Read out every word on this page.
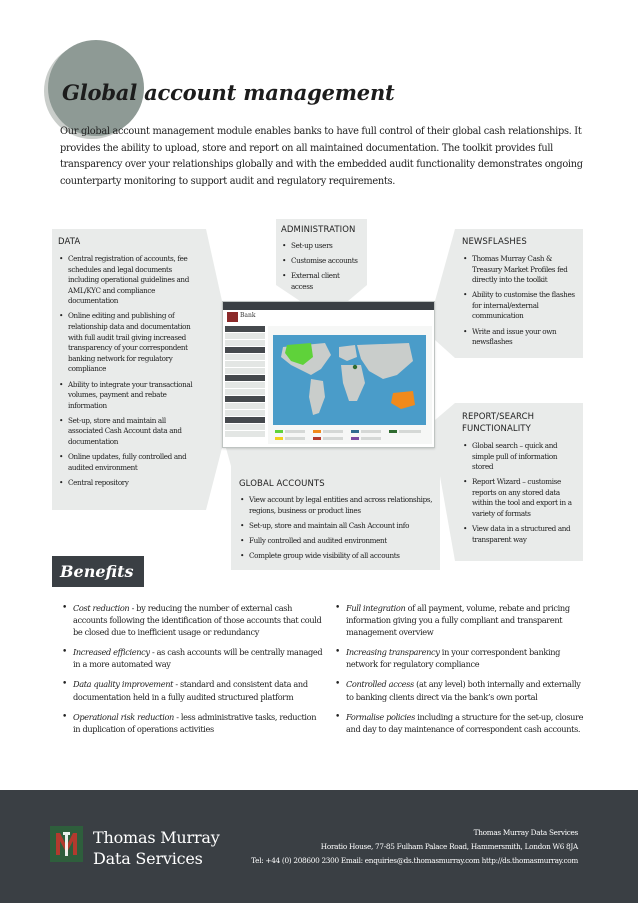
Global account management

Our global account management module enables banks to have full control of their global cash relationships. It provides the ability to upload, store and report on all maintained documentation. The toolkit provides full transparency over your relationships globally and with the embedded audit functionality demonstrates ongoing counterparty monitoring to support audit and regulatory requirements.

DATA
• Central registration of accounts, fee schedules and legal documents including operational guidelines and AML/KYC and compliance documentation
• Online editing and publishing of relationship data and documentation with full audit trail giving increased transparency of your correspondent banking network for regulatory compliance
• Ability to integrate your transactional volumes, payment and rebate information
• Set-up, store and maintain all associated Cash Account data and documentation
• Online updates, fully controlled and audited environment
• Central repository
ADMINISTRATION
• Set-up users
• Customise accounts
• External client access
NEWSFLASHES
• Thomas Murray Cash & Treasury Market Profiles fed directly into the toolkit
• Ability to customise the flashes for internal/external communication
• Write and issue your own newsflashes
REPORT/SEARCH
FUNCTIONALITY
• Global search – quick and simple pull of information stored
• Report Wizard – customise reports on any stored data within the tool and export in a variety of formats
• View data in a structured and transparent way
GLOBAL ACCOUNTS
• View account by legal entities and across relationships, regions, business or product lines
• Set-up, store and maintain all Cash Account info
• Fully controlled and audited environment
• Complete group wide visibility of all accounts
Bank
Benefits
• Cost reduction - by reducing the number of external cash accounts following the identification of those accounts that could be closed due to inefficient usage or redundancy
• Increased efficiency - as cash accounts will be centrally managed in a more automated way
• Data quality improvement - standard and consistent data and documentation held in a fully audited structured platform
• Operational risk reduction - less administrative tasks, reduction in duplication of operations activities
• Full integration of all payment, volume, rebate and pricing information giving you a fully compliant and transparent management overview
• Increasing transparency in your correspondent banking network for regulatory compliance
• Controlled access (at any level) both internally and externally to banking clients direct via the bank’s own portal
• Formalise policies including a structure for the set-up, closure and day to day maintenance of correspondent cash accounts.
Thomas Murray
Data Services
Thomas Murray Data Services
Horatio House, 77-85 Fulham Palace Road, Hammersmith, London W6 8JA
Tel: +44 (0) 208600 2300 Email: enquiries@ds.thomasmurray.com http://ds.thomasmurray.com
